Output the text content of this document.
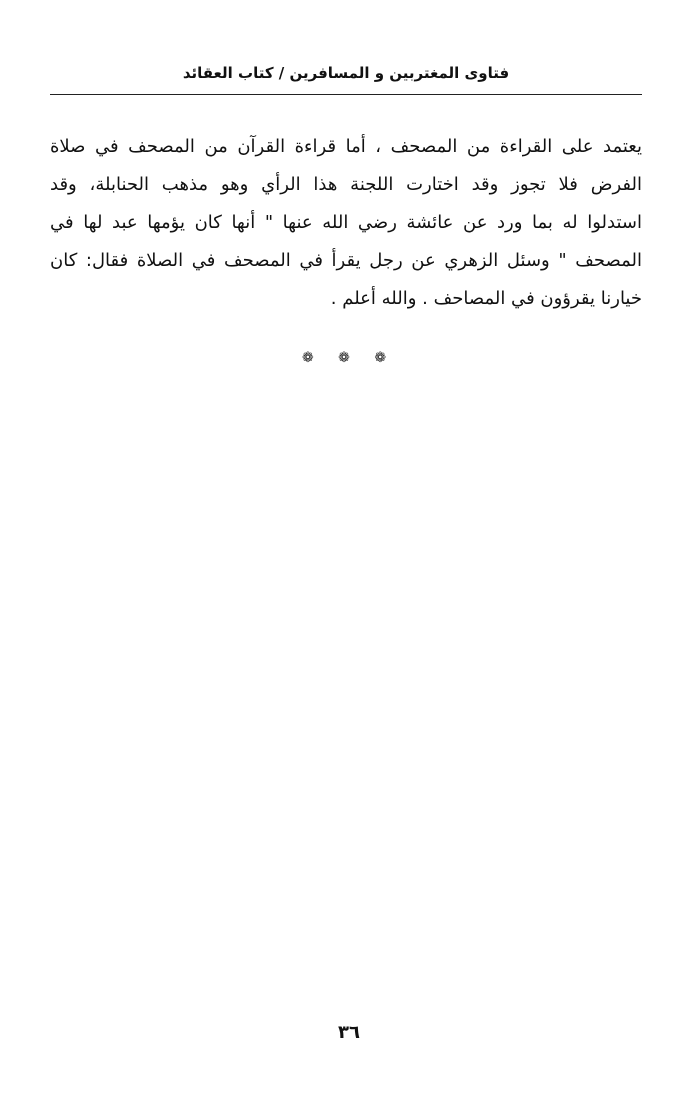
فتاوى المغتربين و المسافرين / كتاب العقائد
يعتمد على القراءة من المصحف ، أما قراءة القرآن من المصحف في صلاة
الفرض فلا تجوز وقد اختارت اللجنة هذا الرأي وهو مذهب الحنابلة، وقد
استدلوا له بما ورد عن عائشة رضي الله عنها " أنها كان يؤمها عبد لها في
المصحف " وسئل الزهري عن رجل يقرأ في المصحف في الصلاة فقال: كان
خيارنا يقرؤون في المصاحف . والله أعلم .
❁ ❁ ❁
٣٦
